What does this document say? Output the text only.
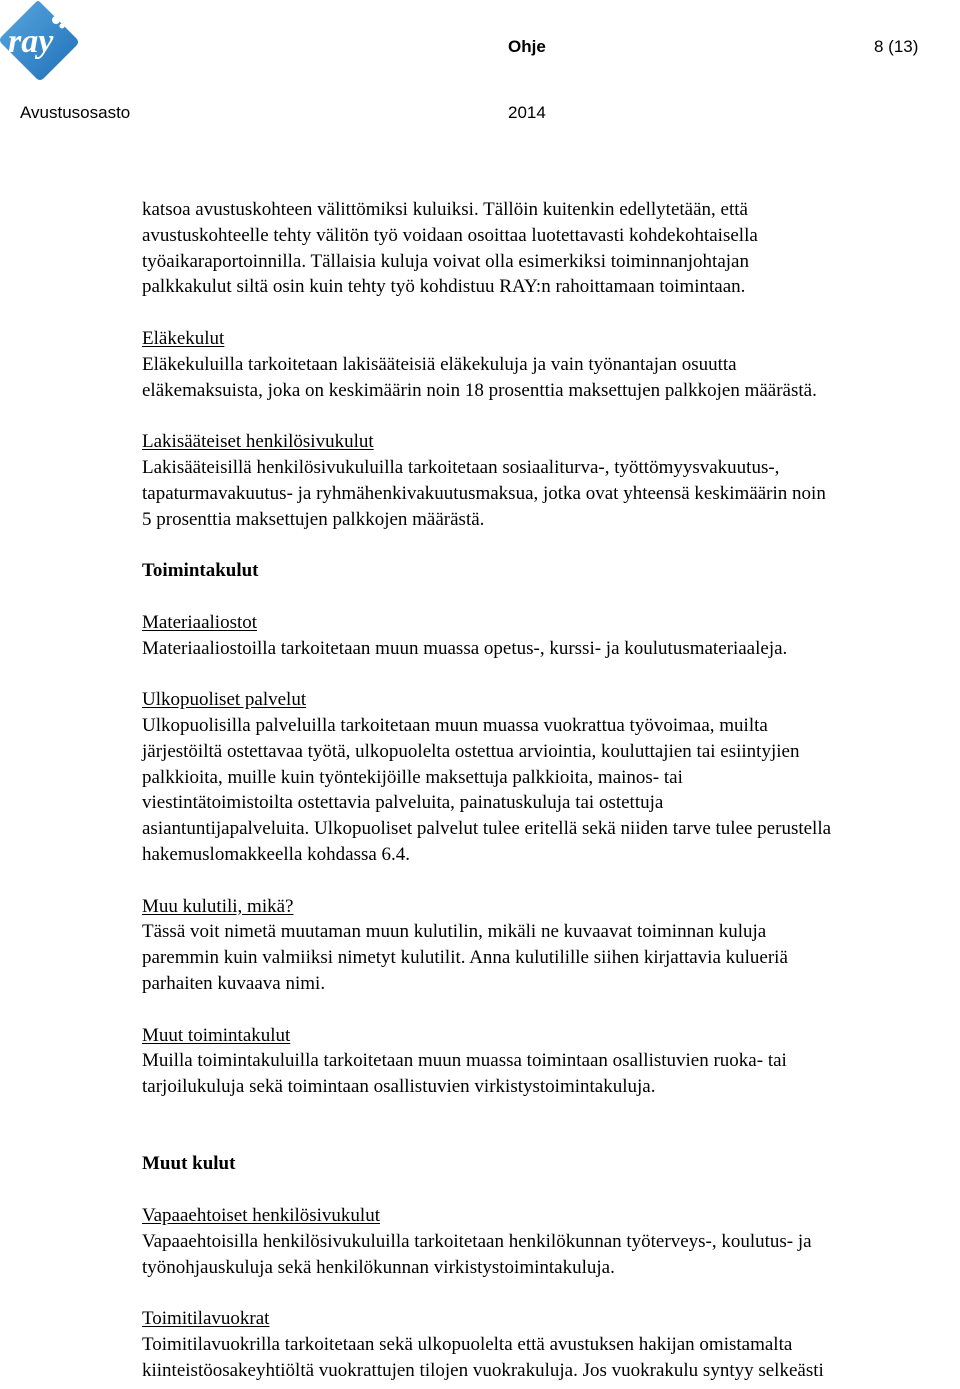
ray	Ohje	8 (13)
Avustusosasto	2014

katsoa avustuskohteen välittömiksi kuluiksi. Tällöin kuitenkin edellytetään, että

avustuskohteelle tehty välitön työ voidaan osoittaa luotettavasti kohdekohtaisella

työaikaraportoinnilla. Tällaisia kuluja voivat olla esimerkiksi toiminnanjohtajan

palkkakulut siltä osin kuin tehty työ kohdistuu RAY:n rahoittamaan toimintaan.

Eläkekulut

Eläkekuluilla tarkoitetaan lakisääteisiä eläkekuluja ja vain työnantajan osuutta

eläkemaksuista, joka on keskimäärin noin 18 prosenttia maksettujen palkkojen määrästä.

Lakisääteiset henkilösivukulut

Lakisääteisillä henkilösivukuluilla tarkoitetaan sosiaaliturva-, työttömyysvakuutus-,

tapaturmavakuutus- ja ryhmähenkivakuutusmaksua, jotka ovat yhteensä keskimäärin noin

5 prosenttia maksettujen palkkojen määrästä.

Toimintakulut

Materiaaliostot

Materiaaliostoilla tarkoitetaan muun muassa opetus-, kurssi- ja koulutusmateriaaleja.

Ulkopuoliset palvelut

Ulkopuolisilla palveluilla tarkoitetaan muun muassa vuokrattua työvoimaa, muilta

järjestöiltä ostettavaa työtä, ulkopuolelta ostettua arviointia, kouluttajien tai esiintyjien

palkkioita, muille kuin työntekijöille maksettuja palkkioita, mainos- tai

viestintätoimistoilta ostettavia palveluita, painatuskuluja tai ostettuja

asiantuntijapalveluita. Ulkopuoliset palvelut tulee eritellä sekä niiden tarve tulee perustella

hakemuslomakkeella kohdassa 6.4.

Muu kulutili, mikä?

Tässä voit nimetä muutaman muun kulutilin, mikäli ne kuvaavat toiminnan kuluja

paremmin kuin valmiiksi nimetyt kulutilit. Anna kulutilille siihen kirjattavia kulueriä

parhaiten kuvaava nimi.

Muut toimintakulut

Muilla toimintakuluilla tarkoitetaan muun muassa toimintaan osallistuvien ruoka- tai

tarjoilukuluja sekä toimintaan osallistuvien virkistystoimintakuluja.

Muut kulut

Vapaaehtoiset henkilösivukulut

Vapaaehtoisilla henkilösivukuluilla tarkoitetaan henkilökunnan työterveys-, koulutus- ja

työnohjauskuluja sekä henkilökunnan virkistystoimintakuluja.

Toimitilavuokrat

Toimitilavuokrilla tarkoitetaan sekä ulkopuolelta että avustuksen hakijan omistamalta

kiinteistöosakeyhtiöltä vuokrattujen tilojen vuokrakuluja. Jos vuokrakulu syntyy selkeästi
